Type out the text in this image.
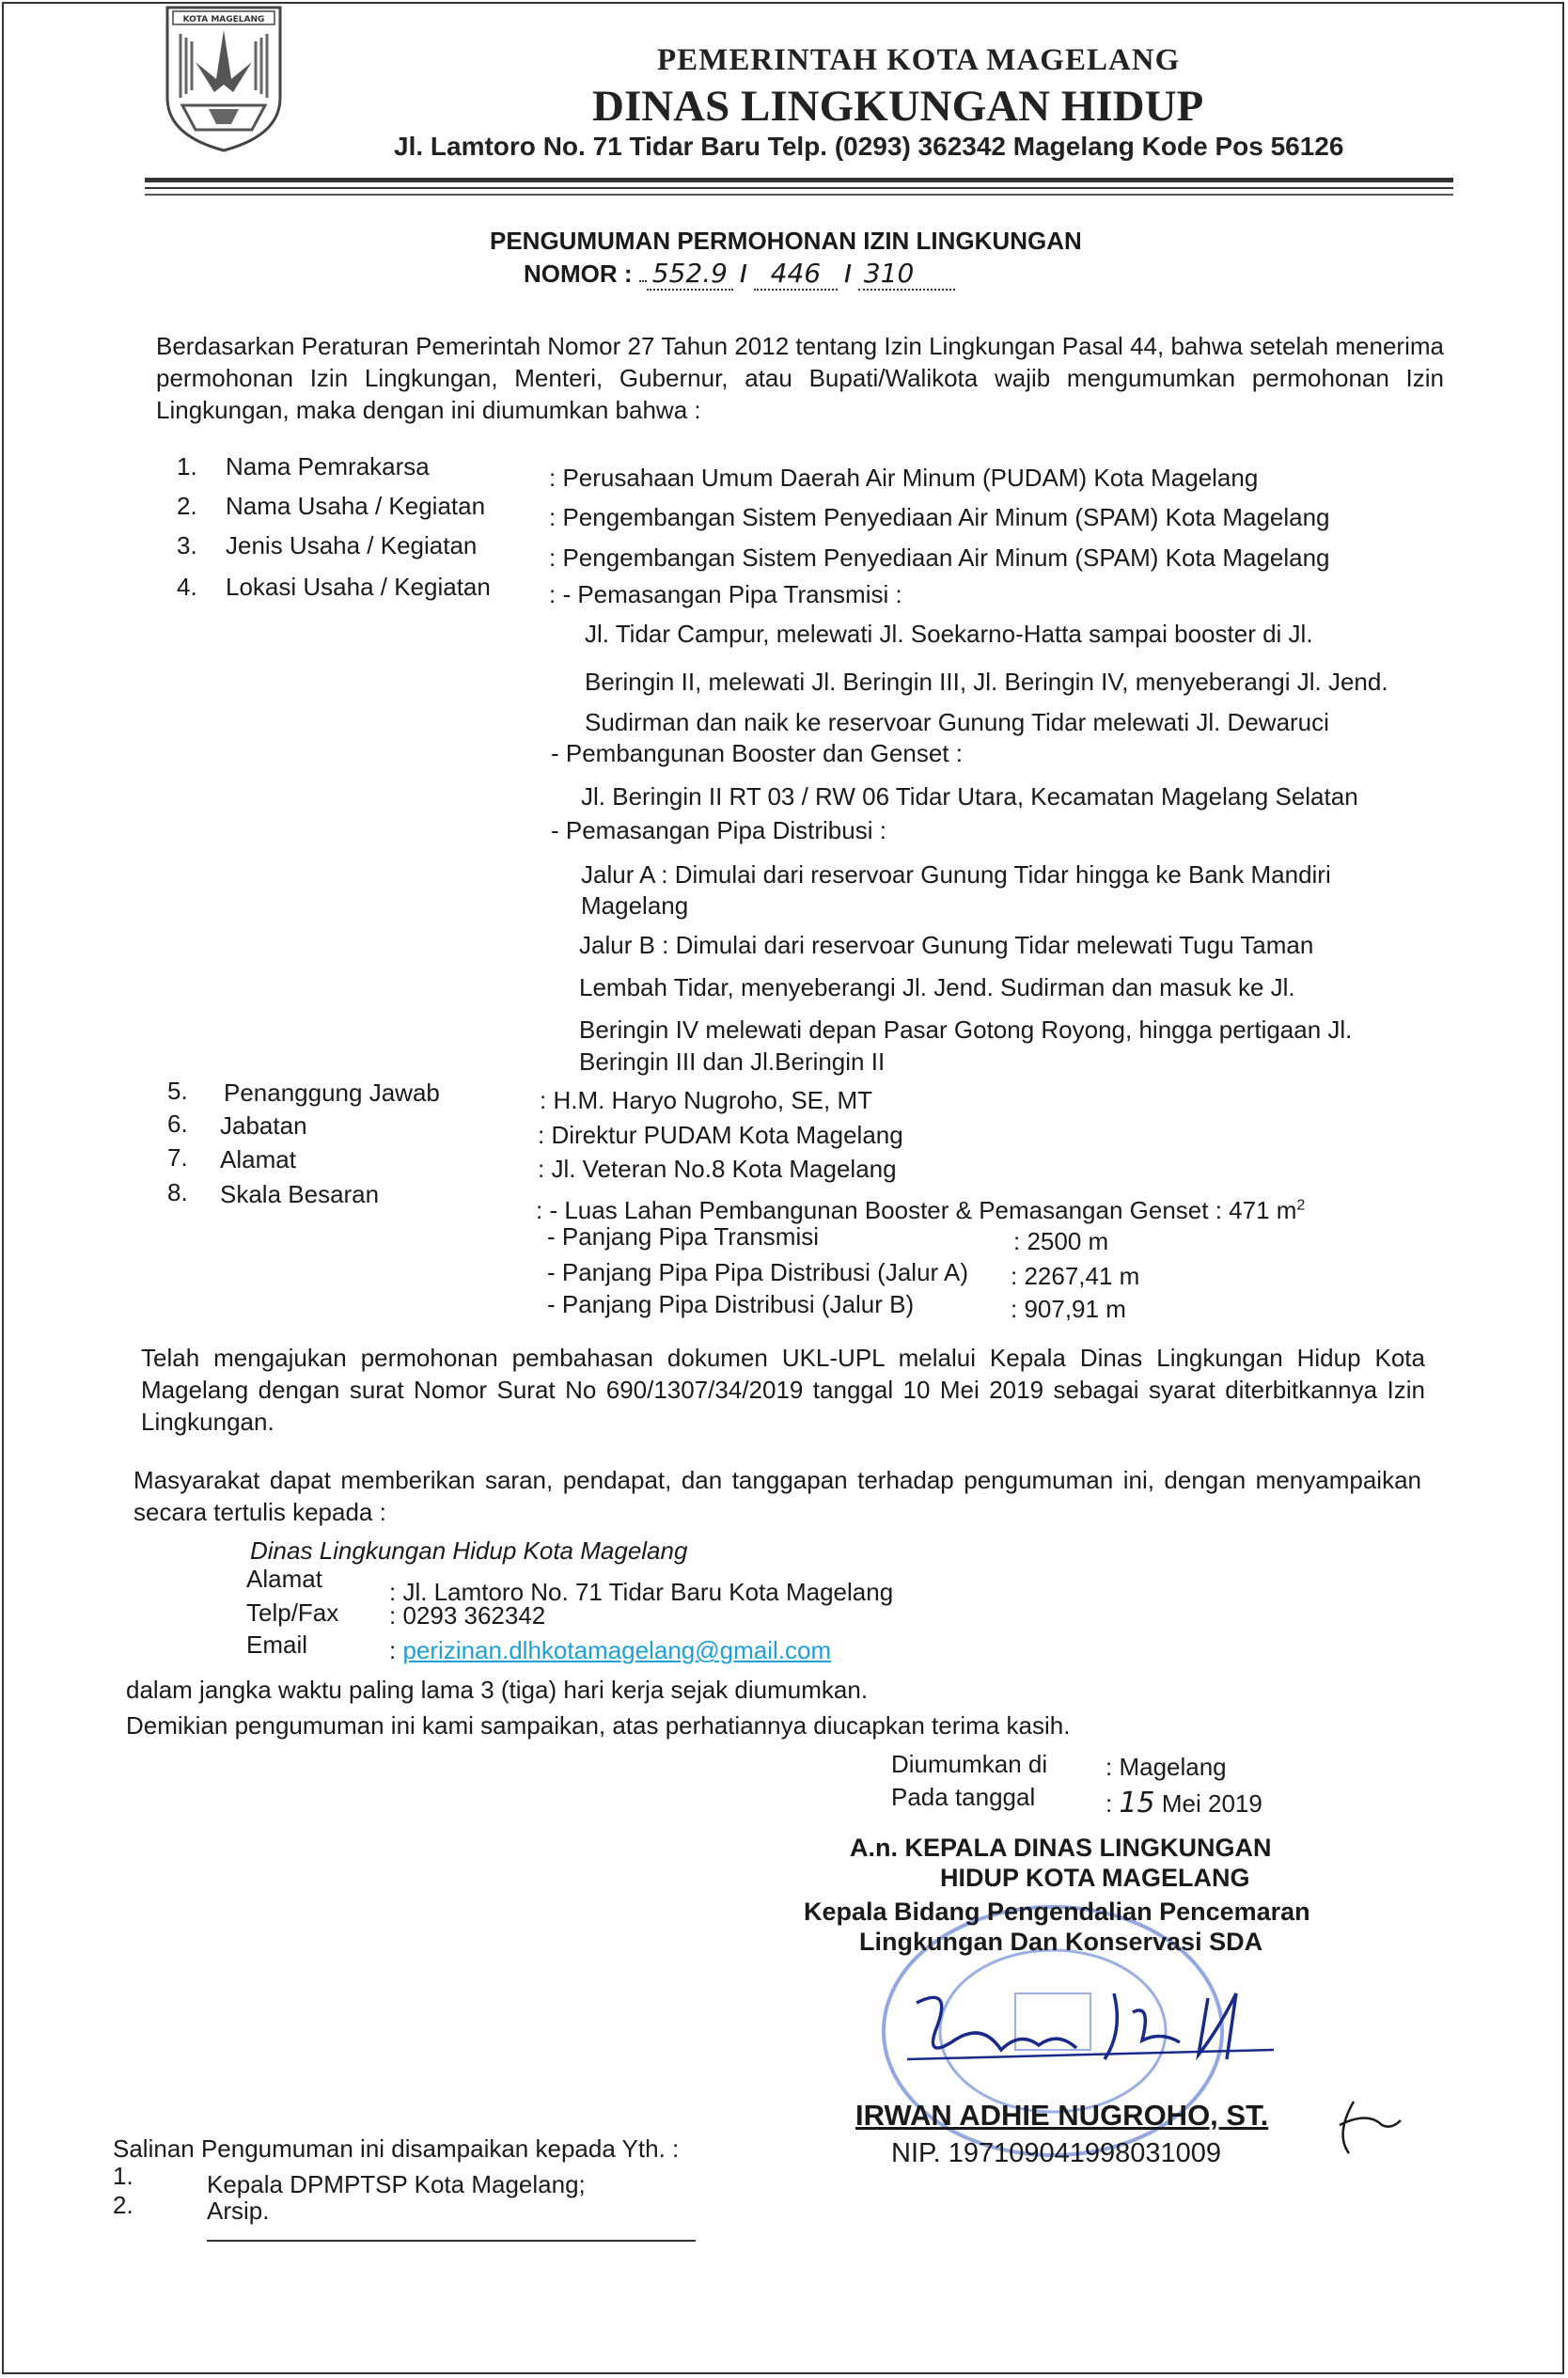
KOTA MAGELANG
PEMERINTAH KOTA MAGELANG
DINAS LINGKUNGAN HIDUP
Jl. Lamtoro No. 71 Tidar Baru Telp. (0293) 362342 Magelang Kode Pos 56126
PENGUMUMAN PERMOHONAN IZIN LINGKUNGAN
NOMOR : 552.9 / 446 / 310
Berdasarkan Peraturan Pemerintah Nomor 27 Tahun 2012 tentang Izin Lingkungan Pasal 44, bahwa setelah menerima permohonan Izin Lingkungan, Menteri, Gubernur, atau Bupati/Walikota wajib mengumumkan permohonan Izin Lingkungan, maka dengan ini diumumkan bahwa :
1. Nama Pemrakarsa	: Perusahaan Umum Daerah Air Minum (PUDAM) Kota Magelang
2. Nama Usaha / Kegiatan	: Pengembangan Sistem Penyediaan Air Minum (SPAM) Kota Magelang
3. Jenis Usaha / Kegiatan	: Pengembangan Sistem Penyediaan Air Minum (SPAM) Kota Magelang
4. Lokasi Usaha / Kegiatan : - Pemasangan Pipa Transmisi :
Jl. Tidar Campur, melewati Jl. Soekarno-Hatta sampai booster di Jl.
Beringin II, melewati Jl. Beringin III, Jl. Beringin IV, menyeberangi Jl. Jend.
Sudirman dan naik ke reservoar Gunung Tidar melewati Jl. Dewaruci
- Pembangunan Booster dan Genset :
Jl. Beringin II RT 03 / RW 06 Tidar Utara, Kecamatan Magelang Selatan
- Pemasangan Pipa Distribusi :
Jalur A : Dimulai dari reservoar Gunung Tidar hingga ke Bank Mandiri
Magelang
Jalur B : Dimulai dari reservoar Gunung Tidar melewati Tugu Taman
Lembah Tidar, menyeberangi Jl. Jend. Sudirman dan masuk ke Jl.
Beringin IV melewati depan Pasar Gotong Royong, hingga pertigaan Jl.
Beringin III dan Jl.Beringin II
5. Penanggung Jawab	: H.M. Haryo Nugroho, SE, MT
6. Jabatan	: Direktur PUDAM Kota Magelang
7. Alamat	: Jl. Veteran No.8 Kota Magelang
8. Skala Besaran
: - Luas Lahan Pembangunan Booster & Pemasangan Genset : 471 $m^2$
- Panjang Pipa Transmisi	: 2500 m
- Panjang Pipa Pipa Distribusi (Jalur A) : 2267,41 m
- Panjang Pipa Distribusi (Jalur B)	: 907,91 m
Telah mengajukan permohonan pembahasan dokumen UKL-UPL melalui Kepala Dinas Lingkungan Hidup Kota Magelang dengan surat Nomor Surat No 690/1307/34/2019 tanggal 10 Mei 2019 sebagai syarat diterbitkannya Izin Lingkungan.
Masyarakat dapat memberikan saran, pendapat, dan tanggapan terhadap pengumuman ini, dengan menyampaikan secara tertulis kepada :
Dinas Lingkungan Hidup Kota Magelang
Alamat	: Jl. Lamtoro No. 71 Tidar Baru Kota Magelang
Telp/Fax : 0293 362342
Email	: perizinan.dlhkotamagelang@gmail.com
dalam jangka waktu paling lama 3 (tiga) hari kerja sejak diumumkan.
Demikian pengumuman ini kami sampaikan, atas perhatiannya diucapkan terima kasih.
Diumumkan di : Magelang
Pada tanggal	: 15 Mei 2019
A.n. KEPALA DINAS LINGKUNGAN
HIDUP KOTA MAGELANG
Kepala Bidang Pengendalian Pencemaran
Lingkungan Dan Konservasi SDA
IRWAN ADHIE NUGROHO, ST.
NIP. 197109041998031009
Salinan Pengumuman ini disampaikan kepada Yth. :
1.	Kepala DPMPTSP Kota Magelang;
2.	Arsip.
